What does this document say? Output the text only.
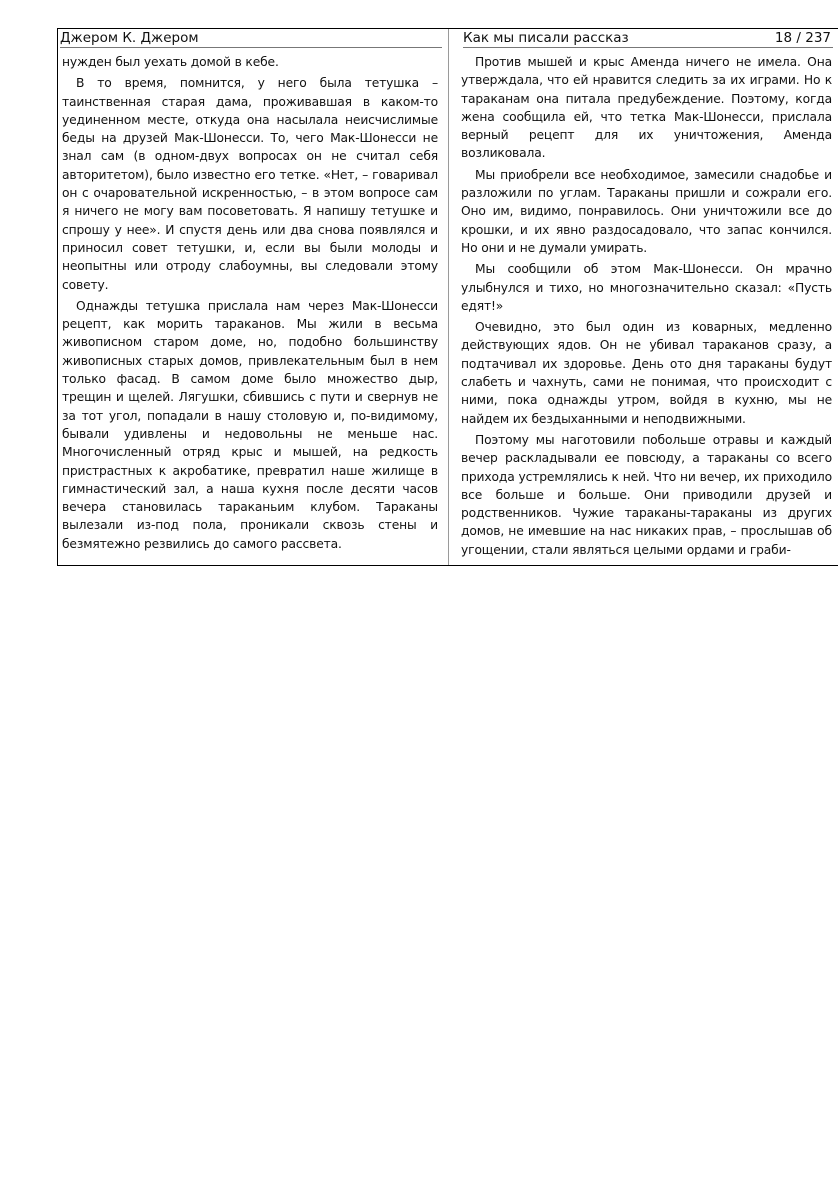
Джером К. Джером

нужден был уехать домой в кебе.

В то время, помнится, у него была тетушка – таинственная старая дама, проживавшая в каком-то уединенном месте, откуда она насылала неисчислимые беды на друзей Мак-Шонесси. То, чего Мак-Шонесси не знал сам (в одном-двух вопросах он не считал себя авторитетом), было известно его тетке. «Нет, – говаривал он с очаровательной искренностью, – в этом вопросе сам я ничего не могу вам посоветовать. Я напишу тетушке и спрошу у нее». И спустя день или два снова появлялся и приносил совет тетушки, и, если вы были молоды и неопытны или отроду слабоумны, вы следовали этому совету.

Однажды тетушка прислала нам через Мак-Шонесси рецепт, как морить тараканов. Мы жили в весьма живописном старом доме, но, подобно большинству живописных старых домов, привлекательным был в нем только фасад. В самом доме было множество дыр, трещин и щелей. Лягушки, сбившись с пути и свернув не за тот угол, попадали в нашу столовую и, по-видимому, бывали удивлены и недовольны не меньше нас. Многочисленный отряд крыс и мышей, на редкость пристрастных к акробатике, превратил наше жилище в гимнастический зал, а наша кухня после десяти часов вечера становилась тараканьим клубом. Тараканы вылезали из-под пола, проникали сквозь стены и безмятежно резвились до самого рассвета.

Как мы писали рассказ	18 / 237

Против мышей и крыс Аменда ничего не имела. Она утверждала, что ей нравится следить за их играми. Но к тараканам она питала предубеждение. Поэтому, когда жена сообщила ей, что тетка Мак-Шонесси, прислала верный рецепт для их уничтожения, Аменда возликовала.

Мы приобрели все необходимое, замесили снадобье и разложили по углам. Тараканы пришли и сожрали его. Оно им, видимо, понравилось. Они уничтожили все до крошки, и их явно раздосадовало, что запас кончился. Но они и не думали умирать.

Мы сообщили об этом Мак-Шонесси. Он мрачно улыбнулся и тихо, но многозначительно сказал: «Пусть едят!»

Очевидно, это был один из коварных, медленно действующих ядов. Он не убивал тараканов сразу, а подтачивал их здоровье. День ото дня тараканы будут слабеть и чахнуть, сами не понимая, что происходит с ними, пока однажды утром, войдя в кухню, мы не найдем их бездыханными и неподвижными.

Поэтому мы наготовили побольше отравы и каждый вечер раскладывали ее повсюду, а тараканы со всего прихода устремлялись к ней. Что ни вечер, их приходило все больше и больше. Они приводили друзей и родственников. Чужие тараканы-тараканы из других домов, не имевшие на нас никаких прав, – прослышав об угощении, стали являться целыми ордами и граби-
